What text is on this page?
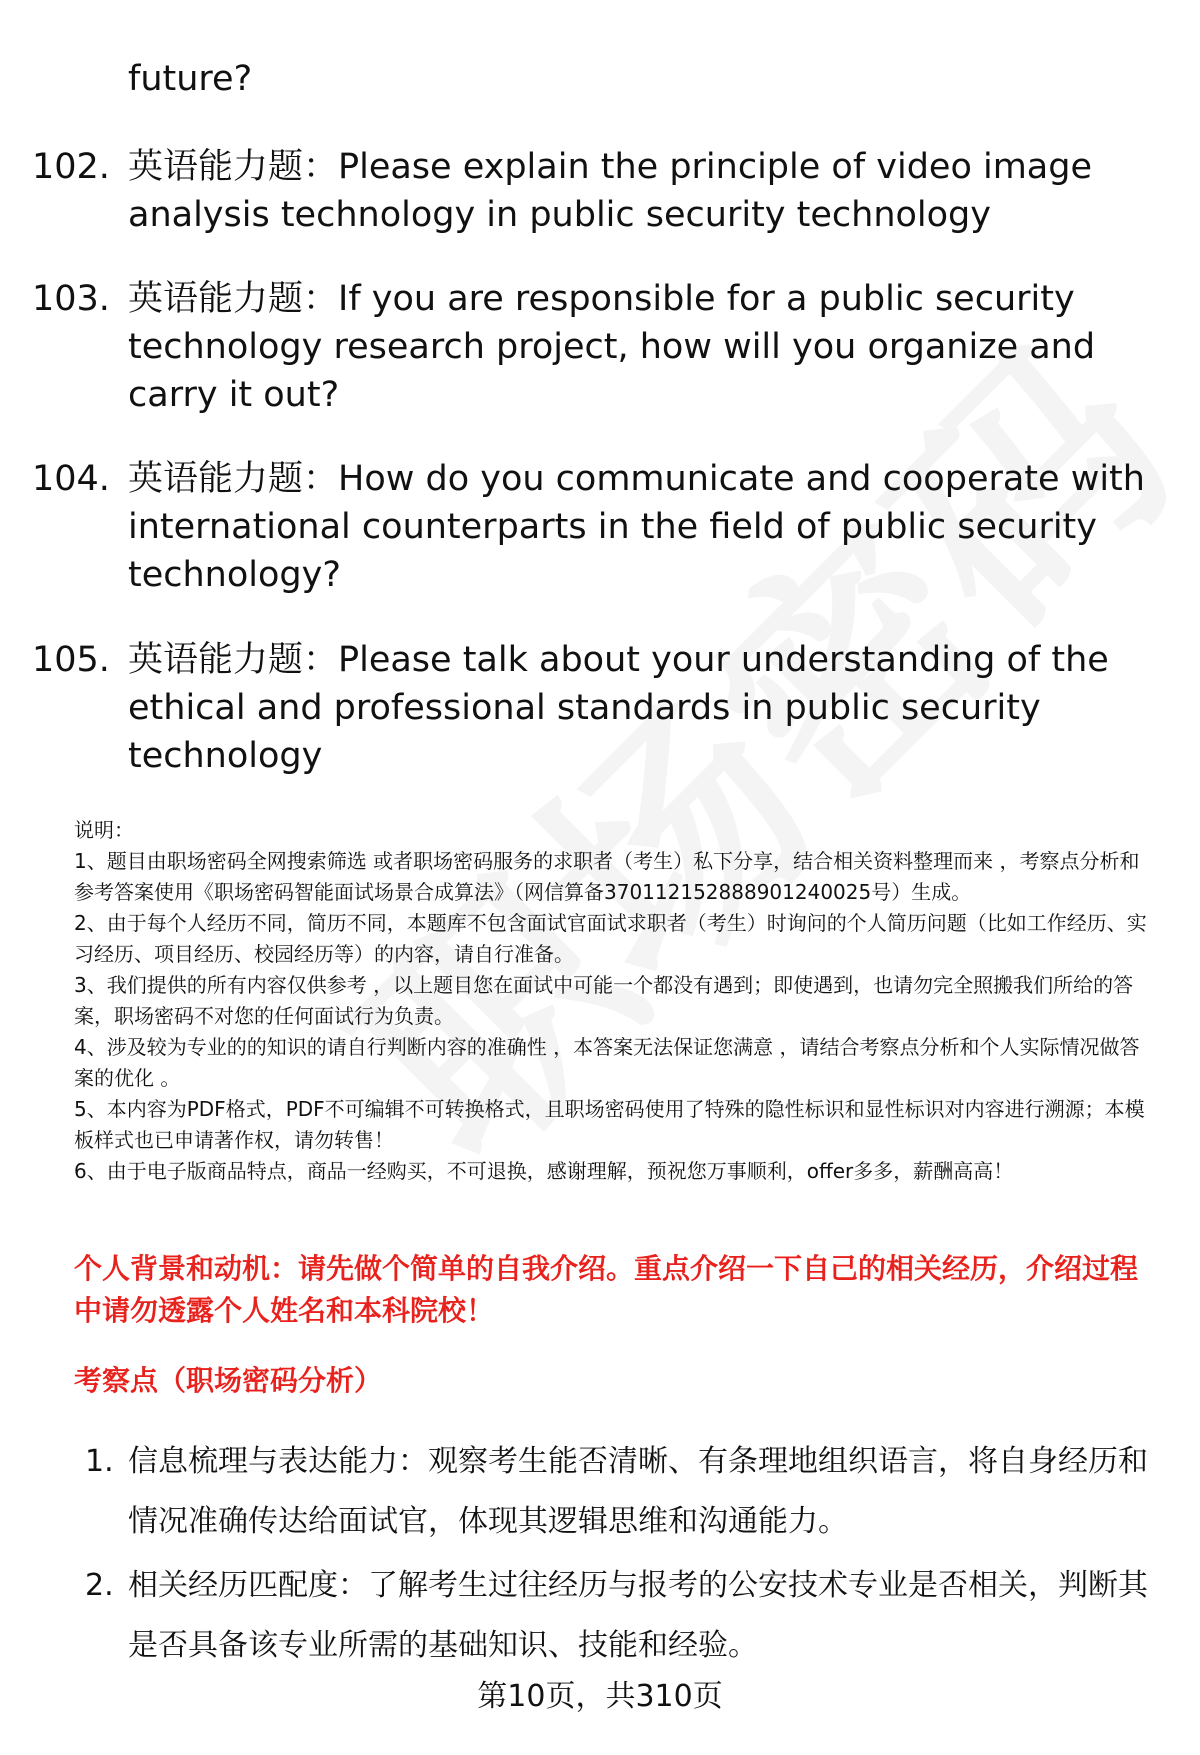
future?
102. 英语能力题：Please explain the principle of video image analysis technology in public security technology
103. 英语能力题：If you are responsible for a public security technology research project, how will you organize and carry it out?
104. 英语能力题：How do you communicate and cooperate with international counterparts in the field of public security technology?
105. 英语能力题：Please talk about your understanding of the ethical and professional standards in public security technology

说明：

1、题目由职场密码全网搜索筛选 或者职场密码服务的求职者（考生）私下分享，结合相关资料整理而来 ，考察点分析和参考答案使用《职场密码智能面试场景合成算法》（网信算备370112152888901240025号）生成。

2、由于每个人经历不同，简历不同，本题库不包含面试官面试求职者（考生）时询问的个人简历问题（比如工作经历、实习经历、项目经历、校园经历等）的内容，请自行准备。

3、我们提供的所有内容仅供参考 ，以上题目您在面试中可能一个都没有遇到；即使遇到，也请勿完全照搬我们所给的答案，职场密码不对您的任何面试行为负责。

4、涉及较为专业的的知识的请自行判断内容的准确性 ，本答案无法保证您满意 ，请结合考察点分析和个人实际情况做答案的优化 。

5、本内容为PDF格式，PDF不可编辑不可转换格式，且职场密码使用了特殊的隐性标识和显性标识对内容进行溯源；本模板样式也已申请著作权，请勿转售！

6、由于电子版商品特点，商品一经购买，不可退换，感谢理解，预祝您万事顺利，offer多多，薪酬高高！

个人背景和动机：请先做个简单的自我介绍。重点介绍一下自己的相关经历，介绍过程中请勿透露个人姓名和本科院校！
考察点（职场密码分析）
1. 信息梳理与表达能力：观察考生能否清晰、有条理地组织语言，将自身经历和情况准确传达给面试官，体现其逻辑思维和沟通能力。
2. 相关经历匹配度：了解考生过往经历与报考的公安技术专业是否相关，判断其是否具备该专业所需的基础知识、技能和经验。
第10页，共310页
